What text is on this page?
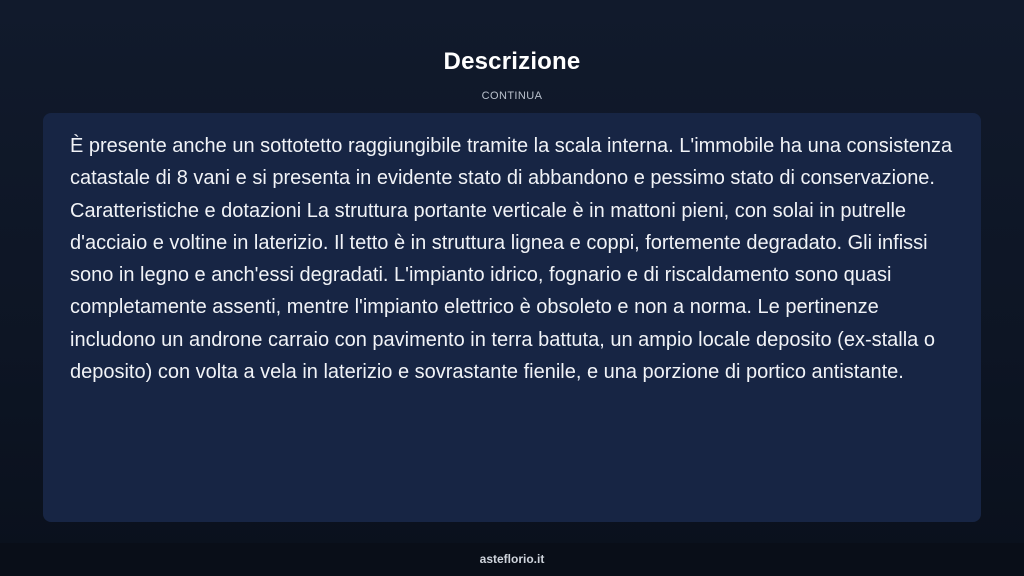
Descrizione
CONTINUA

È presente anche un sottotetto raggiungibile tramite la scala interna. L'immobile ha una consistenza catastale di 8 vani e si presenta in evidente stato di abbandono e pessimo stato di conservazione. Caratteristiche e dotazioni La struttura portante verticale è in mattoni pieni, con solai in putrelle d'acciaio e voltine in laterizio. Il tetto è in struttura lignea e coppi, fortemente degradato. Gli infissi sono in legno e anch'essi degradati. L'impianto idrico, fognario e di riscaldamento sono quasi completamente assenti, mentre l'impianto elettrico è obsoleto e non a norma. Le pertinenze includono un androne carraio con pavimento in terra battuta, un ampio locale deposito (ex-stalla o deposito) con volta a vela in laterizio e sovrastante fienile, e una porzione di portico antistante.

asteflorio.it
